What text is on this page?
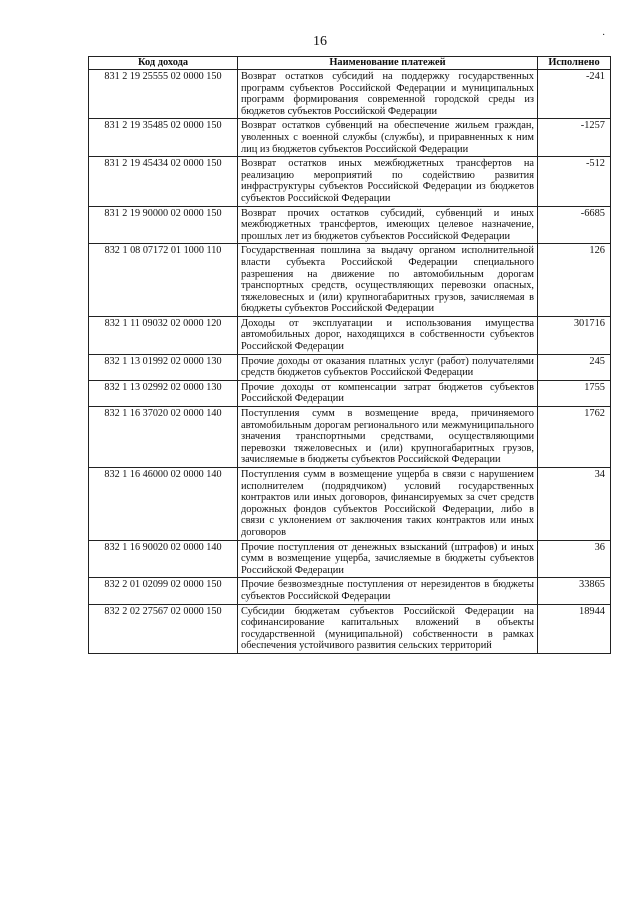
16	·
Код дохода	Наименование платежей	Исполнено
831 2 19 25555 02 0000 150	Возврат остатков субсидий на поддержку государственных программ субъектов Российской Федерации и муниципальных программ формирования современной городской среды из бюджетов субъектов Российской Федерации	-241
831 2 19 35485 02 0000 150	Возврат остатков субвенций на обеспечение жильем граждан, уволенных с военной службы (службы), и приравненных к ним лиц из бюджетов субъектов Российской Федерации	-1257
831 2 19 45434 02 0000 150	Возврат остатков иных межбюджетных трансфертов на реализацию мероприятий по содействию развития инфраструктуры субъектов Российской Федерации из бюджетов субъектов Российской Федерации	-512
831 2 19 90000 02 0000 150	Возврат прочих остатков субсидий, субвенций и иных межбюджетных трансфертов, имеющих целевое назначение, прошлых лет из бюджетов субъектов Российской Федерации	-6685
832 1 08 07172 01 1000 110	Государственная пошлина за выдачу органом исполнительной власти субъекта Российской Федерации специального разрешения на движение по автомобильным дорогам транспортных средств, осуществляющих перевозки опасных, тяжеловесных и (или) крупногабаритных грузов, зачисляемая в бюджеты субъектов Российской Федерации	126
832 1 11 09032 02 0000 120	Доходы от эксплуатации и использования имущества автомобильных дорог, находящихся в собственности субъектов Российской Федерации	301716
832 1 13 01992 02 0000 130	Прочие доходы от оказания платных услуг (работ) получателями средств бюджетов субъектов Российской Федерации	245
832 1 13 02992 02 0000 130	Прочие доходы от компенсации затрат бюджетов субъектов Российской Федерации	1755
832 1 16 37020 02 0000 140	Поступления сумм в возмещение вреда, причиняемого автомобильным дорогам регионального или межмуниципального значения транспортными средствами, осуществляющими перевозки тяжеловесных и (или) крупногабаритных грузов, зачисляемые в бюджеты субъектов Российской Федерации	1762
832 1 16 46000 02 0000 140	Поступления сумм в возмещение ущерба в связи с нарушением исполнителем (подрядчиком) условий государственных контрактов или иных договоров, финансируемых за счет средств дорожных фондов субъектов Российской Федерации, либо в связи с уклонением от заключения таких контрактов или иных договоров	34
832 1 16 90020 02 0000 140	Прочие поступления от денежных взысканий (штрафов) и иных сумм в возмещение ущерба, зачисляемые в бюджеты субъектов Российской Федерации	36
832 2 01 02099 02 0000 150	Прочие безвозмездные поступления от нерезидентов в бюджеты субъектов Российской Федерации	33865
832 2 02 27567 02 0000 150	Субсидии бюджетам субъектов Российской Федерации на софинансирование капитальных вложений в объекты государственной (муниципальной) собственности в рамках обеспечения устойчивого развития сельских территорий	18944
